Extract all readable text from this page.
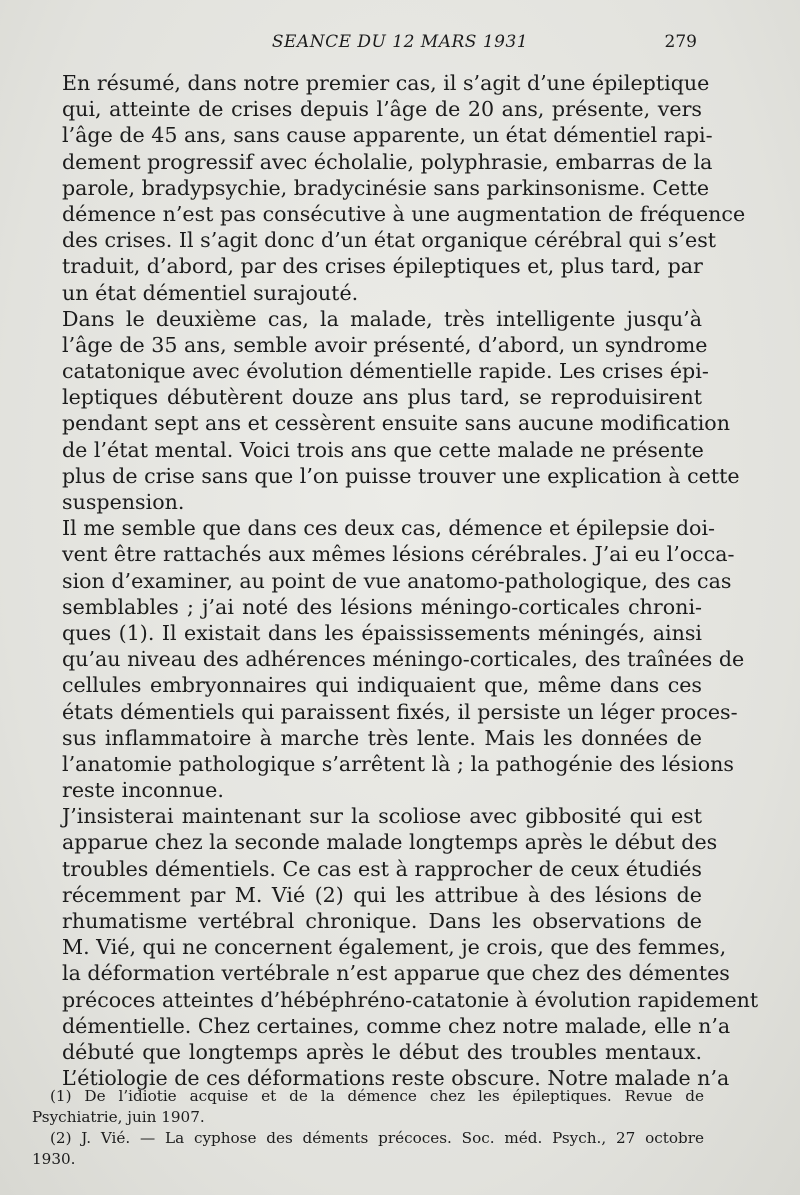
SEANCE DU 12 MARS 1931	279
En résumé, dans notre premier cas, il s’agit d’une épileptique
qui, atteinte de crises depuis l’âge de 20 ans, présente, vers
l’âge de 45 ans, sans cause apparente, un état démentiel rapi-
dement progressif avec écholalie, polyphrasie, embarras de la
parole, bradypsychie, bradycinésie sans parkinsonisme. Cette
démence n’est pas consécutive à une augmentation de fréquence
des crises. Il s’agit donc d’un état organique cérébral qui s’est
traduit, d’abord, par des crises épileptiques et, plus tard, par
un état démentiel surajouté.
Dans le deuxième cas, la malade, très intelligente jusqu’à
l’âge de 35 ans, semble avoir présenté, d’abord, un syndrome
catatonique avec évolution démentielle rapide. Les crises épi-
leptiques débutèrent douze ans plus tard, se reproduisirent
pendant sept ans et cessèrent ensuite sans aucune modification
de l’état mental. Voici trois ans que cette malade ne présente
plus de crise sans que l’on puisse trouver une explication à cette
suspension.
Il me semble que dans ces deux cas, démence et épilepsie doi-
vent être rattachés aux mêmes lésions cérébrales. J’ai eu l’occa-
sion d’examiner, au point de vue anatomo-pathologique, des cas
semblables ; j’ai noté des lésions méningo-corticales chroni-
ques (1). Il existait dans les épaississements méningés, ainsi
qu’au niveau des adhérences méningo-corticales, des traînées de
cellules embryonnaires qui indiquaient que, même dans ces
états démentiels qui paraissent fixés, il persiste un léger proces-
sus inflammatoire à marche très lente. Mais les données de
l’anatomie pathologique s’arrêtent là ; la pathogénie des lésions
reste inconnue.
J’insisterai maintenant sur la scoliose avec gibbosité qui est
apparue chez la seconde malade longtemps après le début des
troubles démentiels. Ce cas est à rapprocher de ceux étudiés
récemment par M. Vié (2) qui les attribue à des lésions de
rhumatisme vertébral chronique. Dans les observations de
M. Vié, qui ne concernent également, je crois, que des femmes,
la déformation vertébrale n’est apparue que chez des démentes
précoces atteintes d’hébéphréno-catatonie à évolution rapidement
démentielle. Chez certaines, comme chez notre malade, elle n’a
débuté que longtemps après le début des troubles mentaux.
L’étiologie de ces déformations reste obscure. Notre malade n’a
(1) De l’idiotie acquise et de la démence chez les épileptiques. Revue de
Psychiatrie, juin 1907.
(2) J. Vié. — La cyphose des déments précoces. Soc. méd. Psych., 27 octobre
1930.
